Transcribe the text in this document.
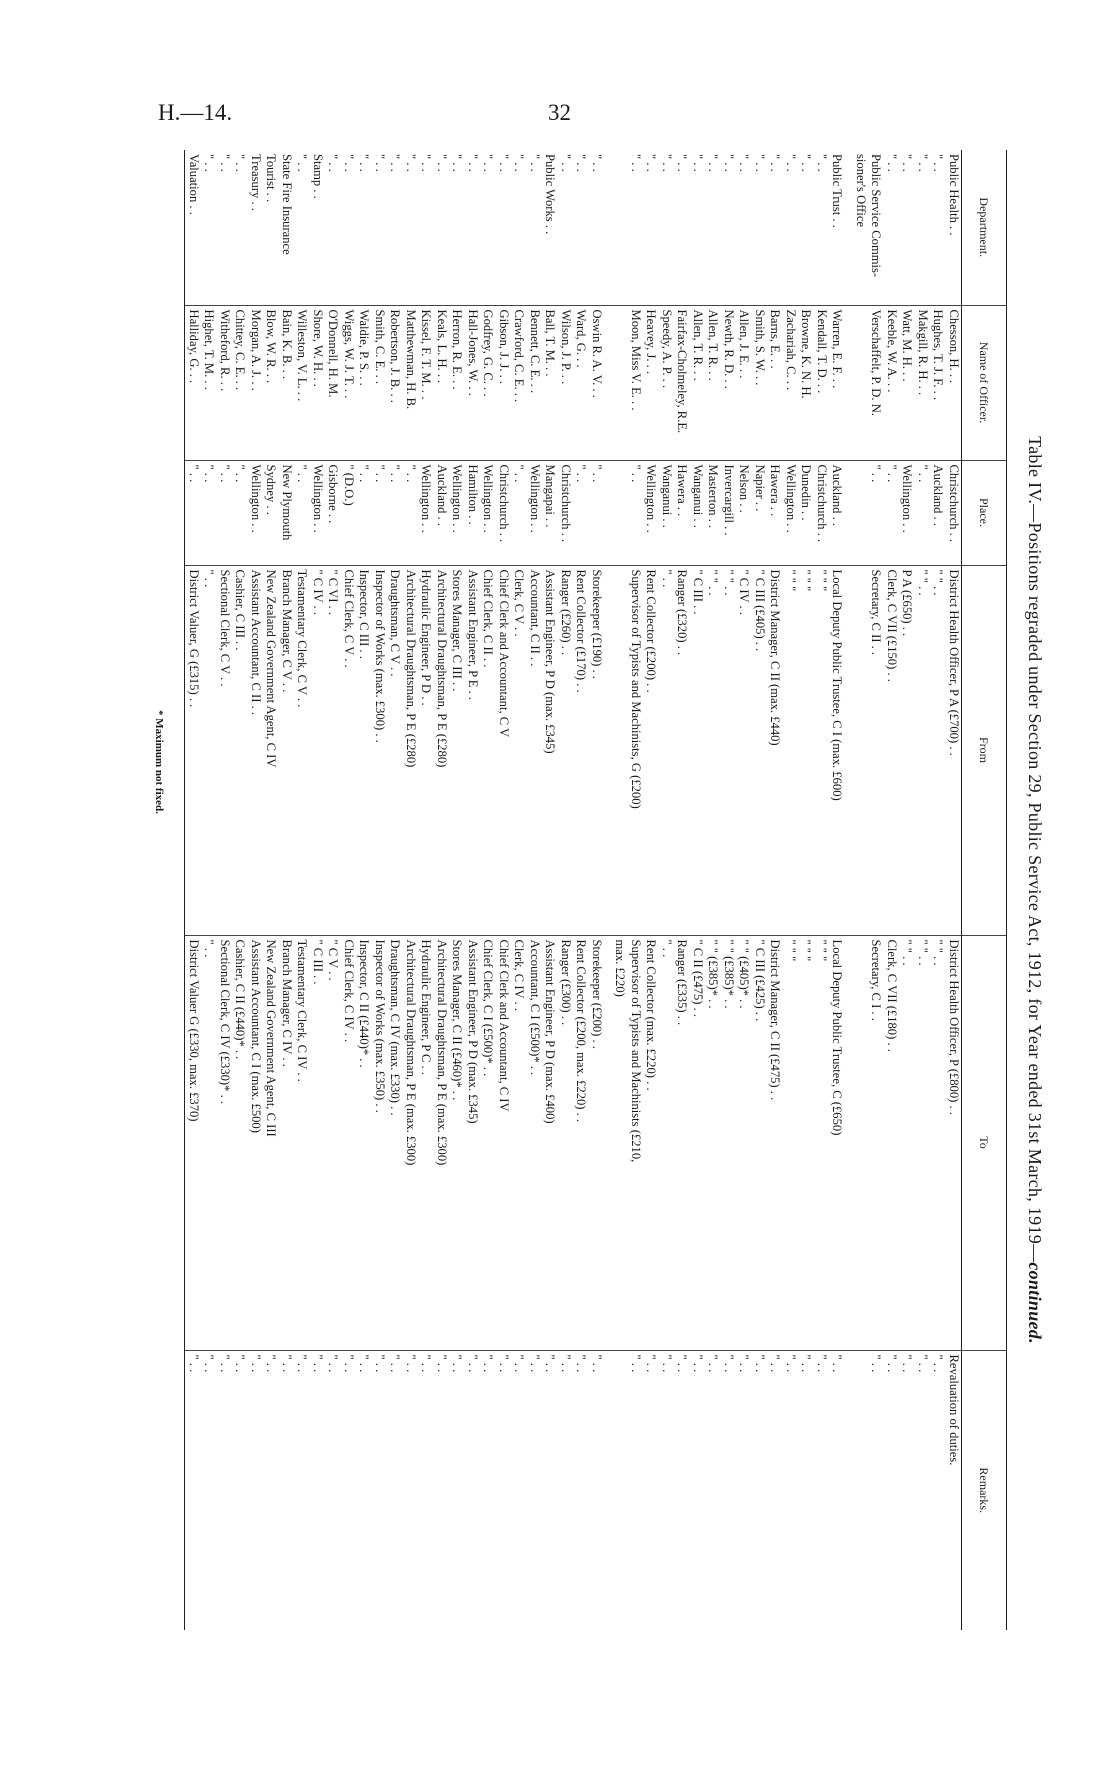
H.—14.	32
Table IV.—Positions regraded under Section 29, Public Service Act, 1912, for Year ended 31st March, 1919—continued.
Department.	Name of Officer.	Place.	From	To	Remarks.
Public Health . .	Chesson, H. . .	Christchurch . .	District Health Officer, P A (£700) . .	District Health Officer, P (£800) . .	Revaluation of duties.
" . .	Hughes, T. J. F. . .	Auckland . .	" " . .	" " . .	" . .
" . .	Makgill, R. H. . .	" . .	" " . .	" " . .	" . .
" . .	Watt, M. H. . .	Wellington . .	P A (£650) . .	" " . .	" . .
" . .	Keeble, W. A. . .	" . .	Clerk, C VII (£150) . .	Clerk, C VII (£180) . .	" . .
Public Service Commis-	Verschaffelt, P. D. N.	" . .	Secretary, C II . .	Secretary, C I . .	" . .
sioner's Office					

Public Trust . .	Warren, E. F. . .	Auckland . .	Local Deputy Public Trustee, C I (max. £600)	Local Deputy Public Trustee, C (£650)	" . .
" . .	Kendall, T. D. . .	Christchurch . .	" " "	" " "	" . .
" . .	Browne, K. N. H.	Dunedin . .	" " "	" " "	" . .
" . .	Zachariah, C. . .	Wellington . .	" " "	" " "	" . .
" . .	Barns, E. . .	Hawera . .	District Manager, C II (max. £440)	District Manager, C II (£475) . .	" . .
" . .	Smith, S. W. . .	Napier . .	" C III (£405) . .	" C III (£425) . .	" . .
" . .	Allen, J. E. . .	Nelson . .	" C IV . .	" " (£405)* . .	" . .
" . .	Newth, R. D. . .	Invercargill . .	" " . .	" " (£385)* . .	" . .
" . .	Allen, T. R. . .	Masterton . .	" " . .	" " (£385)* . .	" . .
" . .	Allen, T. R. . .	Wanganui . .	" C III . .	" C II (£475) . .	" . .
" . .	Fairfax-Cholmeley, R.E.	Hawera . .	Ranger (£320) . .	Ranger (£335) . .	" . .
" . .	Speedy, A. P. . .	Wanganui . .	" . .	" . .	" . .
" . .	Heavey, J. . .	Wellington . .	Rent Collector (£200) . .	Rent Collector (max. £220) . .	" . .
" . .	Moon, Miss V. E. . .	" . .	Supervisor of Typists and Machinists, G (£200)	Supervisor of Typists and Machinists (£210,	" . .
				max. £220)	

" . .	Oswin R. A. V. . .	" . .	Storekeeper (£190) . .	Storekeeper (£200) . .	" . .
" . .	Ward, G. . .	" . .	Rent Collector (£170) . .	Rent Collector (£200, max. £220) . .	" . .
" . .	Wilson, J. P. . .	Christchurch . .	Ranger (£260) . .	Ranger (£300) . .	" . .
Public Works . .	Ball, T. M. . .	Mangapai . .	Assistant Engineer, P D (max. £345)	Assistant Engineer, P D (max. £400)	" . .
" . .	Bennett, C. E. . .	Wellington . .	Accountant, C II . .	Accountant, C I (£500)* . .	" . .
" . .	Crawford, C. E. . .	" . .	Clerk, C V . .	Clerk, C IV . .	" . .
" . .	Gibson, J. J. . .	Christchurch . .	Chief Clerk and Accountant, C V	Chief Clerk and Accountant, C IV	" . .
" . .	Godfrey, G. C. . .	Wellington . .	Chief Clerk, C II . .	Chief Clerk, C I (£500)* . .	" . .
" . .	Hall-Jones, W. . .	Hamilton . .	Assistant Engineer, P E . .	Assistant Engineer, P D (max. £345)	" . .
" . .	Herron, R. E. . .	Wellington . .	Stores Manager, C III . .	Stores Manager, C II (£460)* . .	" . .
" . .	Keals, L. H. . .	Auckland . .	Architectural Draughtsman, P E (£280)	Architectural Draughtsman, P E (max. £300)	" . .
" . .	Kissel, F. T. M. . .	Wellington . .	Hydraulic Engineer, P D . .	Hydraulic Engineer, P C . .	" . .
" . .	Matthewman, H. B.	" . .	Architectural Draughtsman, P E (£280)	Architectural Draughtsman, P E (max. £300)	" . .
" . .	Robertson, J. B. . .	" . .	Draughtsman, C V . .	Draughtsman, C IV (max. £330) . .	" . .
" . .	Smith, C. E. . .	" . .	Inspector of Works (max. £300) . .	Inspector of Works (max. £350) . .	" . .
" . .	Waldie, P. S. . .	" . .	Inspector, C III . .	Inspector, C II (£440)* . .	" . .
" . .	Wiggs, W. J. T. . .	" (D.O.)	Chief Clerk, C V . .	Chief Clerk, C IV . .	" . .
" . .	O'Donnell, H. M.	Gisborne . .	" C VI . .	" C V . .	" . .
Stamp . .	Shore, W. H. . .	Wellington . .	" C IV . .	" C III . .	" . .
" . .	Willeston, V. L. . .	" . .	Testamentary Clerk, C V . .	Testamentary Clerk, C IV . .	" . .
State Fire Insurance	Bain, K. B. . .	New Plymouth	Branch Manager, C V . .	Branch Manager, C IV . .	" . .
Tourist . .	Blow, W. R. . .	Sydney . .	New Zealand Government Agent, C IV	New Zealand Government Agent, C III	" . .
Treasury . .	Morgan, A. J. . .	Wellington . .	Assistant Accountant, C II . .	Assistant Accountant, C I (max. £500)	" . .
" . .	Chittey, C. E. . .	" . .	Cashier, C III . .	Cashier, C II (£440)* . .	" . .
" . .	Witheford, R. . .	" . .	Sectional Clerk, C V . .	Sectional Clerk, C IV (£330)* . .	" . .
" . .	Highet, T. M. . .	" . .	" . .	" . .	" . .
Valuation . .	Halliday, G. . .	" . .	District Valuer, G (£315) . .	District Valuer G (£330, max. £370)	" . .
* Maximum not fixed.
